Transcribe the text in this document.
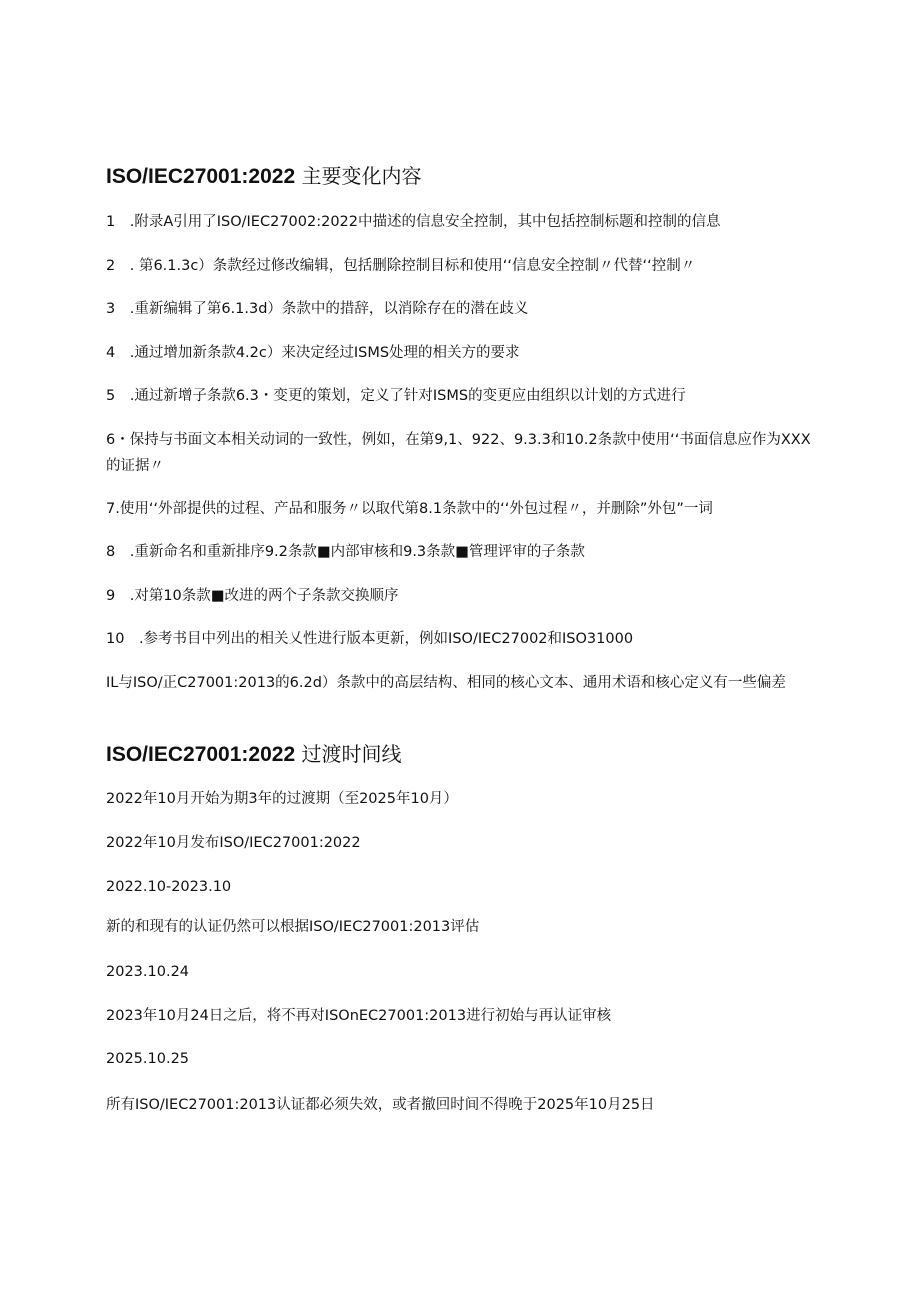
ISO/IEC27001:2022 主要变化内容
1　.附录A引用了ISO/IEC27002:2022中描述的信息安全控制，其中包括控制标题和控制的信息
2　. 第6.1.3c）条款经过修改编辑，包括删除控制目标和使用‘‘信息安全控制〃代替‘‘控制〃
3　.重新编辑了第6.1.3d）条款中的措辞，以消除存在的潜在歧义
4　.通过增加新条款4.2c）来决定经过ISMS处理的相关方的要求
5　.通过新增子条款6.3・变更的策划，定义了针对ISMS的变更应由组织以计划的方式进行
6・保持与书面文本相关动词的一致性，例如，在第9,1、922、9.3.3和10.2条款中使用‘‘书面信息应作为XXX的证据〃
7.使用‘‘外部提供的过程、产品和服务〃以取代第8.1条款中的‘‘外包过程〃，并删除”外包”一词
8　.重新命名和重新排序9.2条款■内部审核和9.3条款■管理评审的子条款
9　.对第10条款■改进的两个子条款交换顺序
10　.参考书目中列出的相关乂性进行版本更新，例如ISO/IEC27002和ISO31000
IL与ISO/正C27001:2013的6.2d）条款中的高层结构、相同的核心文本、通用术语和核心定义有一些偏差
ISO/IEC27001:2022 过渡时间线
2022年10月开始为期3年的过渡期（至2025年10月）
2022年10月发布ISO/IEC27001:2022
2022.10-2023.10
新的和现有的认证仍然可以根据ISO/IEC27001:2013评估
2023.10.24
2023年10月24日之后，将不再对ISOnEC27001:2013进行初始与再认证审核
2025.10.25
所有ISO/IEC27001:2013认证都必须失效，或者撤回时间不得晚于2025年10月25日
